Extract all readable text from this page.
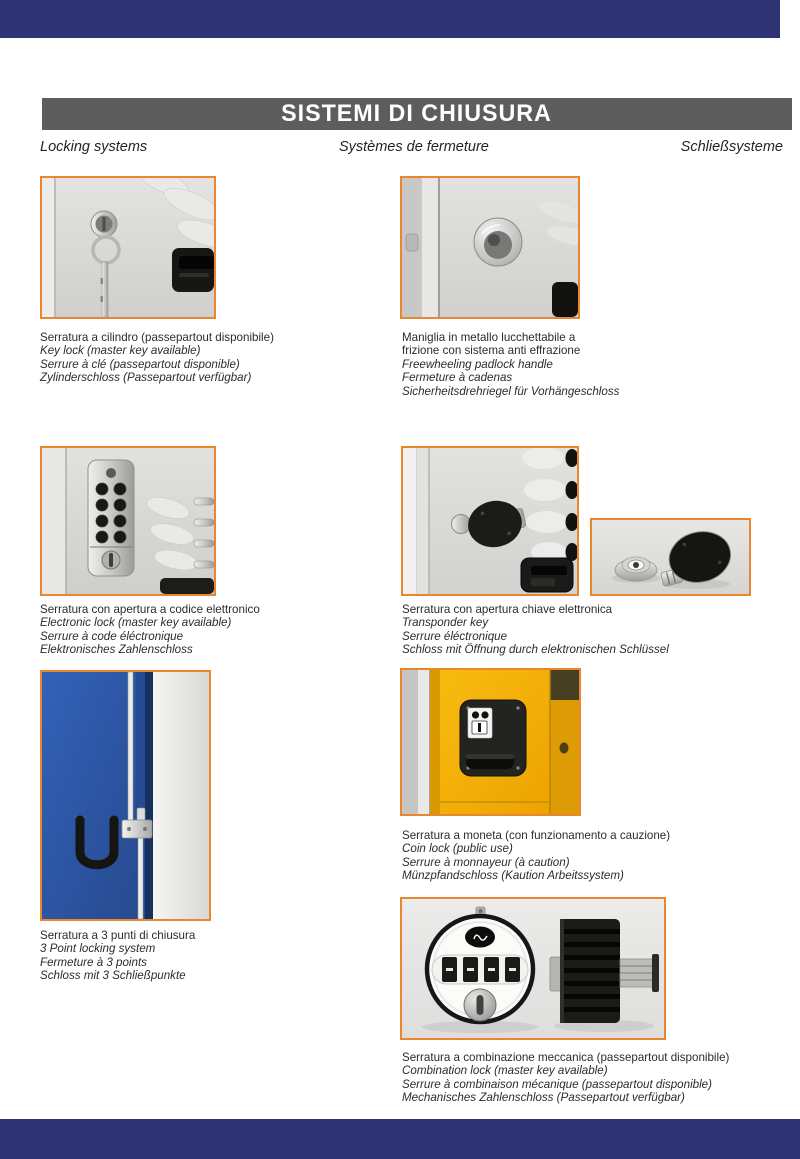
SISTEMI DI CHIUSURA
Locking systems	Systèmes de fermeture	Schließsysteme

Serratura a cilindro (passepartout disponibile)

Key lock (master key available)

Serrure à clé (passepartout disponible)

Zylinderschloss (Passepartout verfügbar)

Maniglia in metallo lucchettabile a

frizione con sistema anti effrazione

Freewheeling padlock handle

Fermeture à cadenas

Sicherheitsdrehriegel für Vorhängeschloss

Serratura con apertura a codice elettronico

Electronic lock (master key available)

Serrure à code éléctronique

Elektronisches Zahlenschloss

Serratura con apertura chiave elettronica

Transponder key

Serrure éléctronique

Schloss mit Öffnung durch elektronischen Schlüssel

Serratura a moneta (con funzionamento a cauzione)

Coin lock (public use)

Serrure à monnayeur (à caution)

Münzpfandschloss (Kaution Arbeitssystem)

Serratura a 3 punti di chiusura

3 Point locking system

Fermeture à 3 points

Schloss mit 3 Schließpunkte

Serratura a combinazione meccanica (passepartout disponibile)

Combination lock (master key available)

Serrure à combinaison mécanique (passepartout disponible)

Mechanisches Zahlenschloss (Passepartout verfügbar)
